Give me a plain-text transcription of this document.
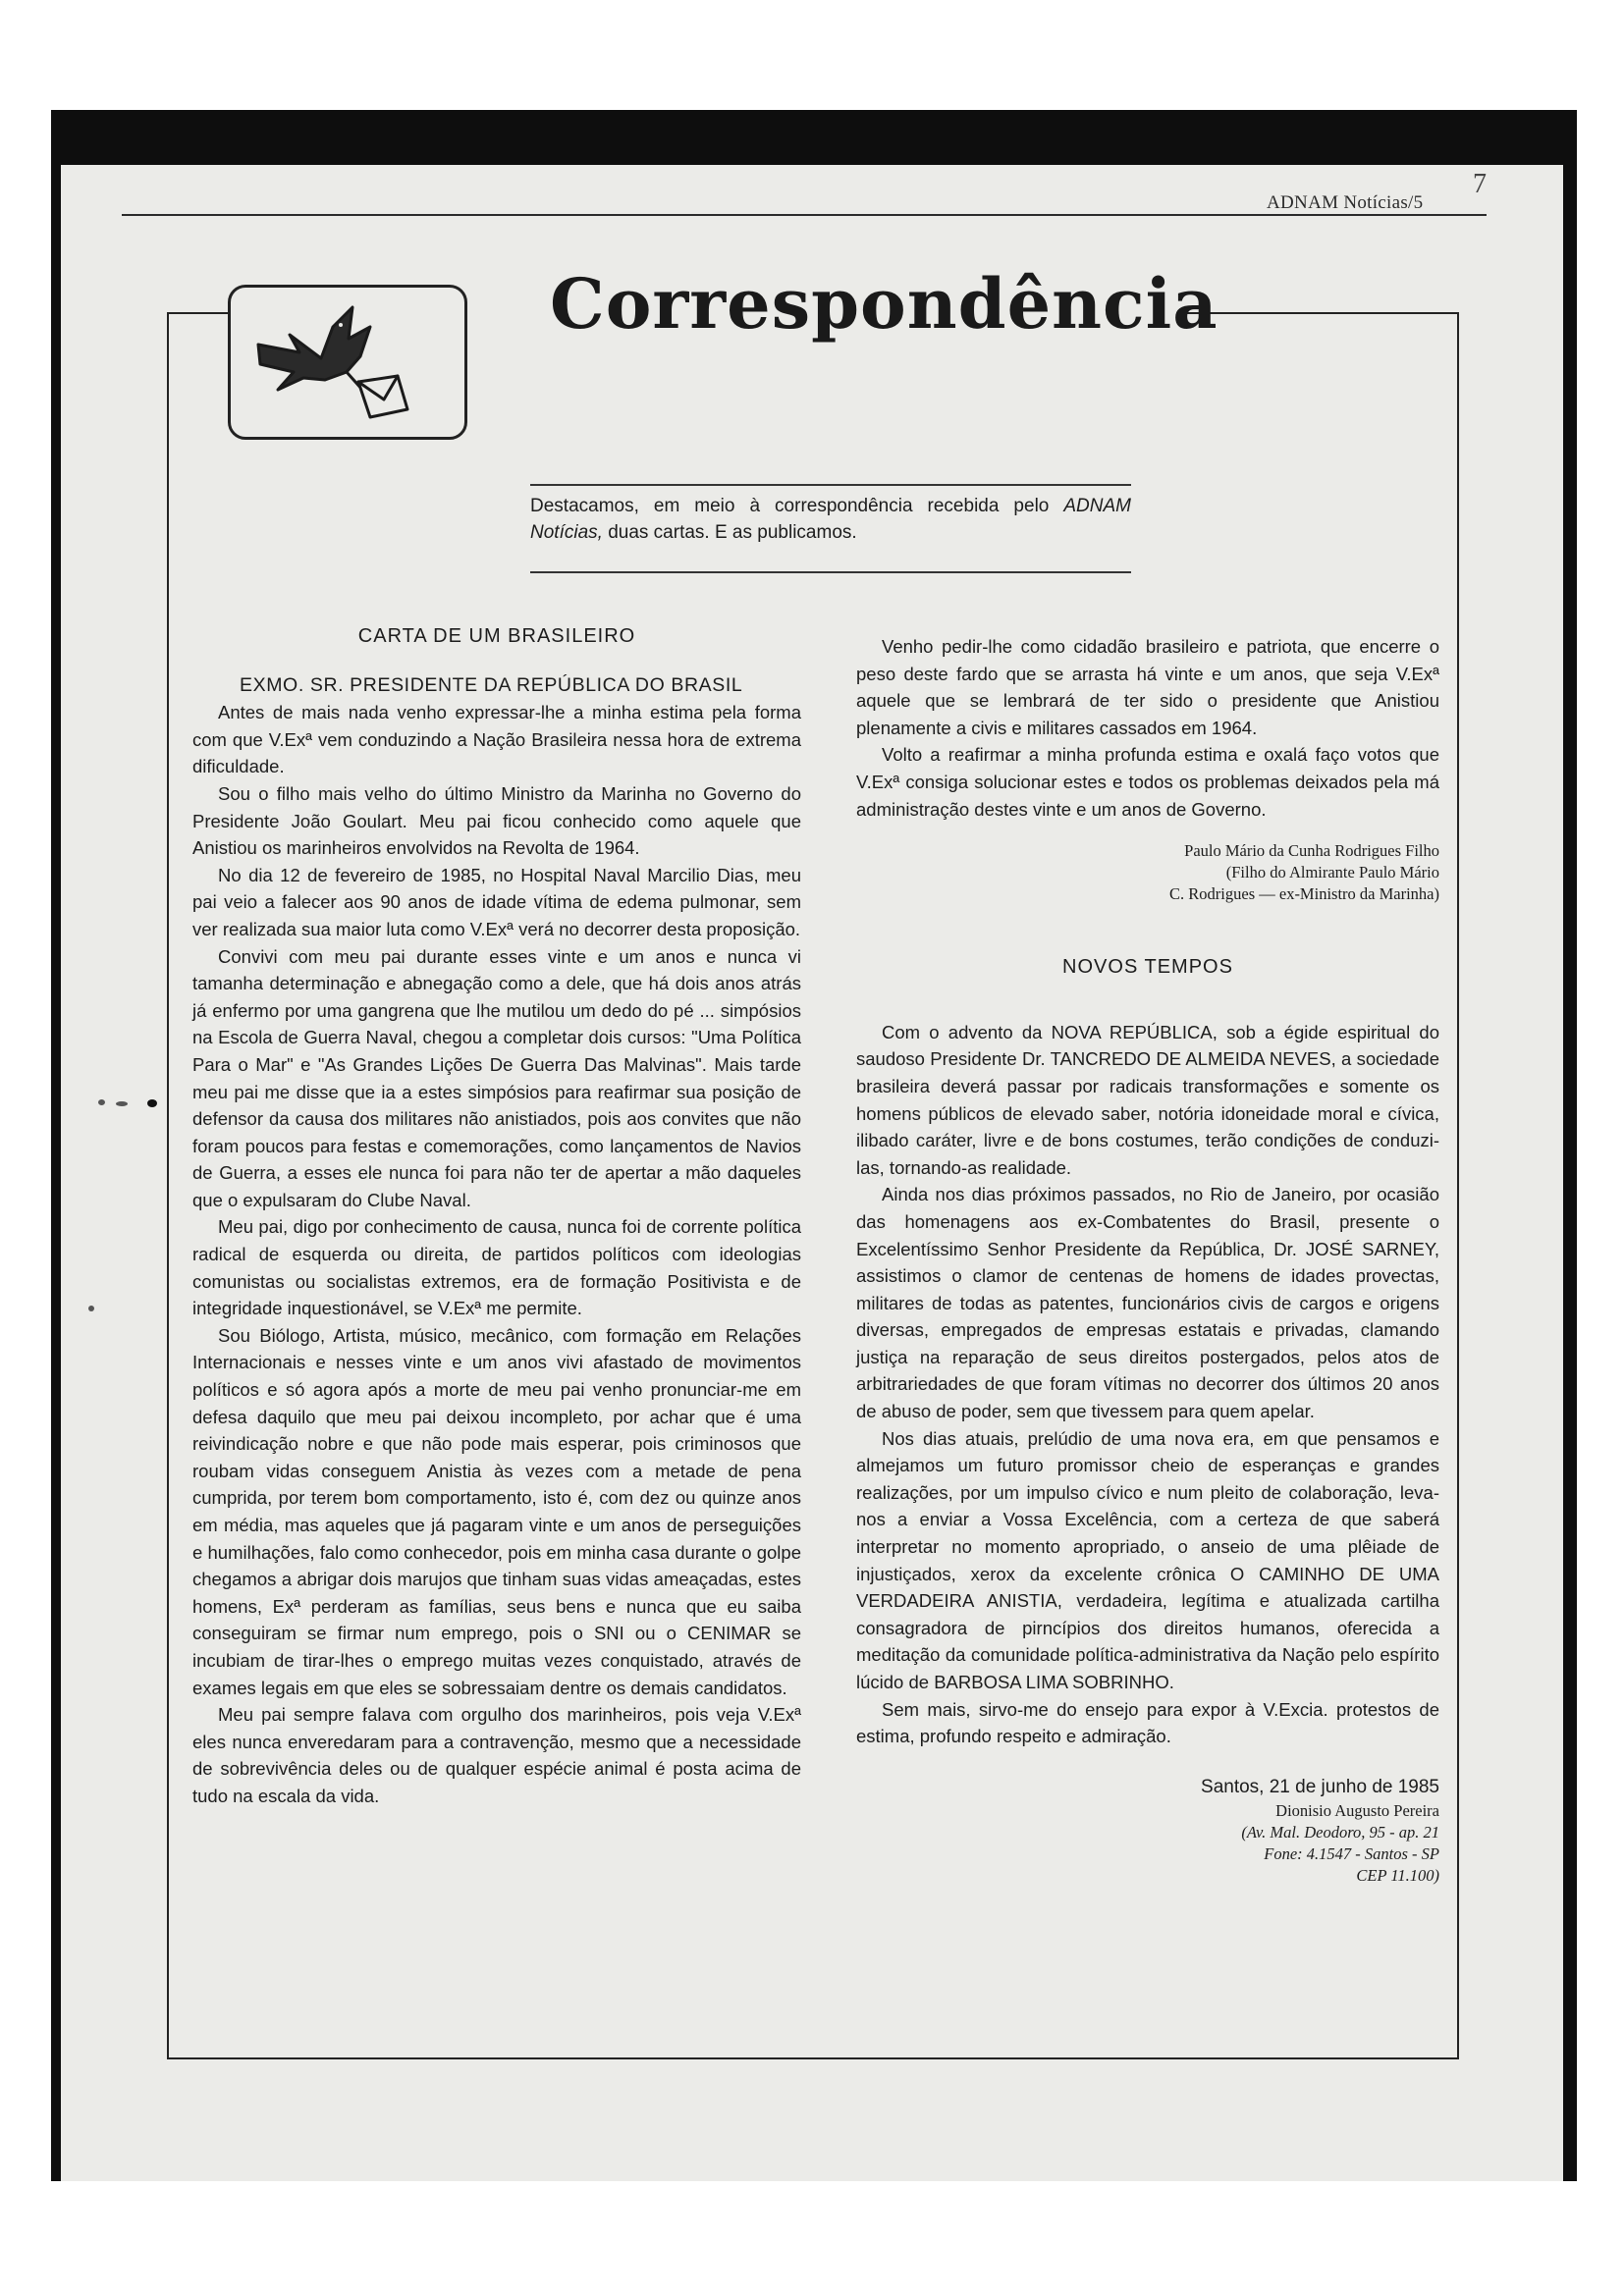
ADNAM Notícias/5
7
Correspondência
Destacamos, em meio à correspondência recebida pelo ADNAM Notícias, duas cartas. E as publicamos.
CARTA DE UM BRASILEIRO

EXMO. SR. PRESIDENTE DA REPÚBLICA DO BRASIL

Antes de mais nada venho expressar-lhe a minha estima pela forma com que V.Exª vem conduzindo a Nação Brasileira nessa hora de extrema dificuldade.

Sou o filho mais velho do último Ministro da Marinha no Governo do Presidente João Goulart. Meu pai ficou conhecido como aquele que Anistiou os marinheiros envolvidos na Revolta de 1964.

No dia 12 de fevereiro de 1985, no Hospital Naval Marcilio Dias, meu pai veio a falecer aos 90 anos de idade vítima de edema pulmonar, sem ver realizada sua maior luta como V.Exª verá no decorrer desta proposição.

Convivi com meu pai durante esses vinte e um anos e nunca vi tamanha determinação e abnegação como a dele, que há dois anos atrás já enfermo por uma gangrena que lhe mutilou um dedo do pé ... simpósios na Escola de Guerra Naval, chegou a completar dois cursos: "Uma Política Para o Mar" e "As Grandes Lições De Guerra Das Malvinas". Mais tarde meu pai me disse que ia a estes simpósios para reafirmar sua posição de defensor da causa dos militares não anistiados, pois aos convites que não foram poucos para festas e comemorações, como lançamentos de Navios de Guerra, a esses ele nunca foi para não ter de apertar a mão daqueles que o expulsaram do Clube Naval.

Meu pai, digo por conhecimento de causa, nunca foi de corrente política radical de esquerda ou direita, de partidos políticos com ideologias comunistas ou socialistas extremos, era de formação Positivista e de integridade inquestionável, se V.Exª me permite.

Sou Biólogo, Artista, músico, mecânico, com formação em Relações Internacionais e nesses vinte e um anos vivi afastado de movimentos políticos e só agora após a morte de meu pai venho pronunciar-me em defesa daquilo que meu pai deixou incompleto, por achar que é uma reivindicação nobre e que não pode mais esperar, pois criminosos que roubam vidas conseguem Anistia às vezes com a metade de pena cumprida, por terem bom comportamento, isto é, com dez ou quinze anos em média, mas aqueles que já pagaram vinte e um anos de perseguições e humilhações, falo como conhecedor, pois em minha casa durante o golpe chegamos a abrigar dois marujos que tinham suas vidas ameaçadas, estes homens, Exª perderam as famílias, seus bens e nunca que eu saiba conseguiram se firmar num emprego, pois o SNI ou o CENIMAR se incubiam de tirar-lhes o emprego muitas vezes conquistado, através de exames legais em que eles se sobressaiam dentre os demais candidatos.

Meu pai sempre falava com orgulho dos marinheiros, pois veja V.Exª eles nunca enveredaram para a contravenção, mesmo que a necessidade de sobrevivência deles ou de qualquer espécie animal é posta acima de tudo na escala da vida.

Venho pedir-lhe como cidadão brasileiro e patriota, que encerre o peso deste fardo que se arrasta há vinte e um anos, que seja V.Exª aquele que se lembrará de ter sido o presidente que Anistiou plenamente a civis e militares cassados em 1964.

Volto a reafirmar a minha profunda estima e oxalá faço votos que V.Exª consiga solucionar estes e todos os problemas deixados pela má administração destes vinte e um anos de Governo.

Paulo Mário da Cunha Rodrigues Filho

(Filho do Almirante Paulo Mário

C. Rodrigues — ex-Ministro da Marinha)

NOVOS TEMPOS

Com o advento da NOVA REPÚBLICA, sob a égide espiritual do saudoso Presidente Dr. TANCREDO DE ALMEIDA NEVES, a sociedade brasileira deverá passar por radicais transformações e somente os homens públicos de elevado saber, notória idoneidade moral e cívica, ilibado caráter, livre e de bons costumes, terão condições de conduzi-las, tornando-as realidade.

Ainda nos dias próximos passados, no Rio de Janeiro, por ocasião das homenagens aos ex-Combatentes do Brasil, presente o Excelentíssimo Senhor Presidente da República, Dr. JOSÉ SARNEY, assistimos o clamor de centenas de homens de idades provectas, militares de todas as patentes, funcionários civis de cargos e origens diversas, empregados de empresas estatais e privadas, clamando justiça na reparação de seus direitos postergados, pelos atos de arbitrariedades de que foram vítimas no decorrer dos últimos 20 anos de abuso de poder, sem que tivessem para quem apelar.

Nos dias atuais, prelúdio de uma nova era, em que pensamos e almejamos um futuro promissor cheio de esperanças e grandes realizações, por um impulso cívico e num pleito de colaboração, leva-nos a enviar a Vossa Excelência, com a certeza de que saberá interpretar no momento apropriado, o anseio de uma plêiade de injustiçados, xerox da excelente crônica O CAMINHO DE UMA VERDADEIRA ANISTIA, verdadeira, legítima e atualizada cartilha consagradora de pirncípios dos direitos humanos, oferecida a meditação da comunidade política-administrativa da Nação pelo espírito lúcido de BARBOSA LIMA SOBRINHO.

Sem mais, sirvo-me do ensejo para expor à V.Excia. protestos de estima, profundo respeito e admiração.

Santos, 21 de junho de 1985

Dionisio Augusto Pereira

(Av. Mal. Deodoro, 95 - ap. 21

Fone: 4.1547 - Santos - SP

CEP 11.100)
